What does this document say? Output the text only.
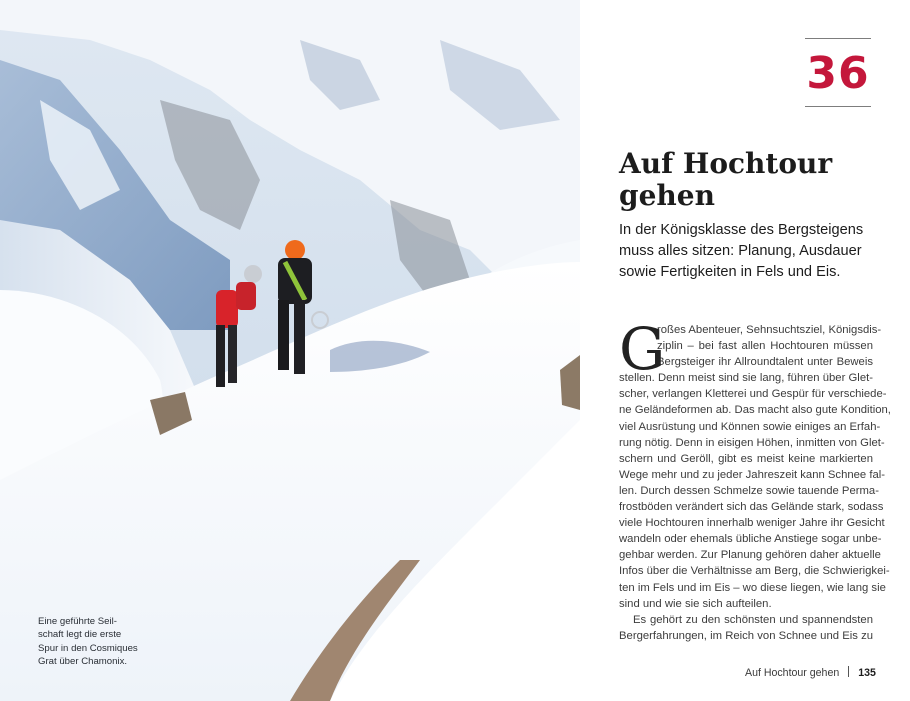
Eine geführte Seil-
schaft legt die erste
Spur in den Cosmiques
Grat über Chamonix.
36
Auf Hochtour
gehen
In der Königsklasse des Bergsteigens
muss alles sitzen: Planung, Ausdauer
sowie Fertigkeiten in Fels und Eis.
G
roßes Abenteuer, Sehnsuchtsziel, Königsdis-
ziplin – bei fast allen Hochtouren müssen
Bergsteiger ihr Allroundtalent unter Beweis
stellen. Denn meist sind sie lang, führen über Glet-
scher, verlangen Kletterei und Gespür für verschiede-
ne Geländeformen ab. Das macht also gute Kondition,
viel Ausrüstung und Können sowie einiges an Erfah-
rung nötig. Denn in eisigen Höhen, inmitten von Glet-
schern und Geröll, gibt es meist keine markierten
Wege mehr und zu jeder Jahreszeit kann Schnee fal-
len. Durch dessen Schmelze sowie tauende Perma-
frostböden verändert sich das Gelände stark, sodass
viele Hochtouren innerhalb weniger Jahre ihr Gesicht
wandeln oder ehemals übliche Anstiege sogar unbe-
gehbar werden. Zur Planung gehören daher aktuelle
Infos über die Verhältnisse am Berg, die Schwierigkei-
ten im Fels und im Eis – wo diese liegen, wie lang sie
sind und wie sie sich aufteilen.
Es gehört zu den schönsten und spannendsten
Bergerfahrungen, im Reich von Schnee und Eis zu
Auf Hochtour gehen 135
